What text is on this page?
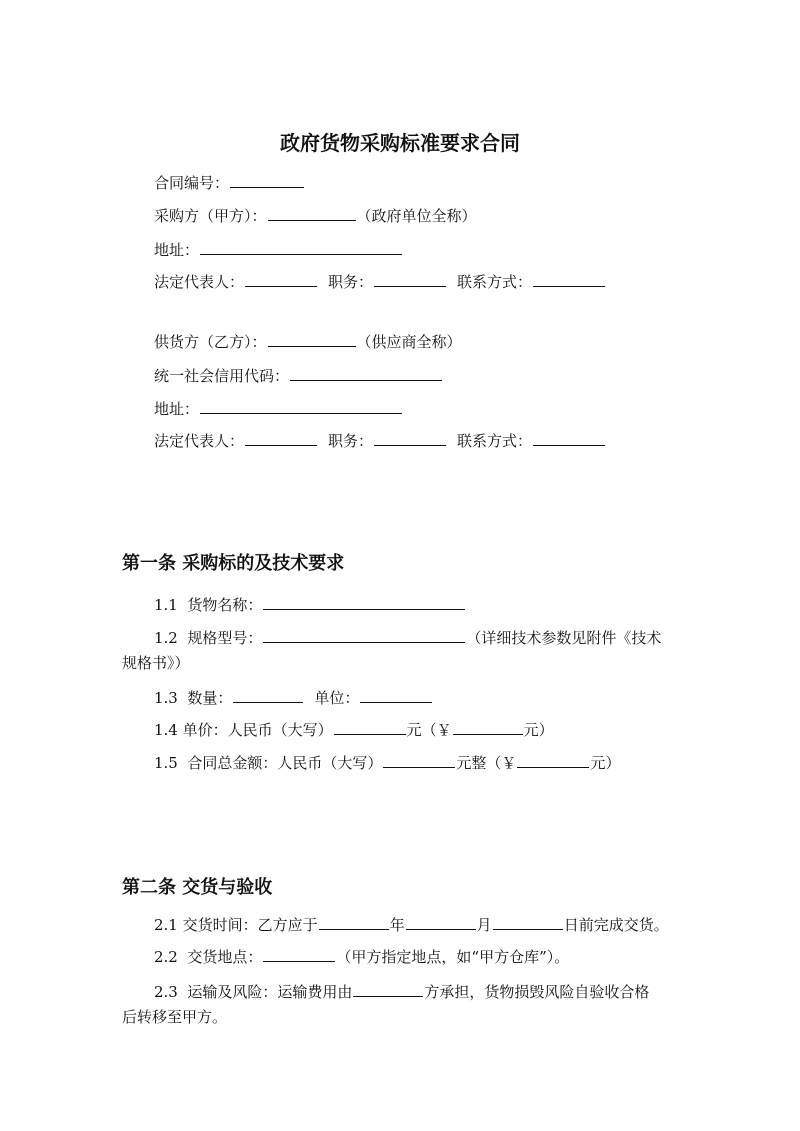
政府货物采购标准要求合同
合同编号：
采购方（甲方）：	（政府单位全称）
地址：
法定代表人：	职务：	联系方式：
供货方（乙方）：	（供应商全称）
统一社会信用代码：
地址：
法定代表人：	职务：	联系方式：
第一条 采购标的及技术要求
1.1 货物名称：
1.2 规格型号：	（详细技术参数见附件《技术
规格书》）
1.3 数量：	单位：
1.4 单价：人民币（大写）	元（￥	元）
1.5 合同总金额：人民币（大写）	元整（￥	元）
第二条 交货与验收
2.1 交货时间：乙方应于	年	月	日前完成交货。
2.2 交货地点：	（甲方指定地点，如“甲方仓库”）。
2.3 运输及风险：运输费用由	方承担，货物损毁风险自验收合格
后转移至甲方。
